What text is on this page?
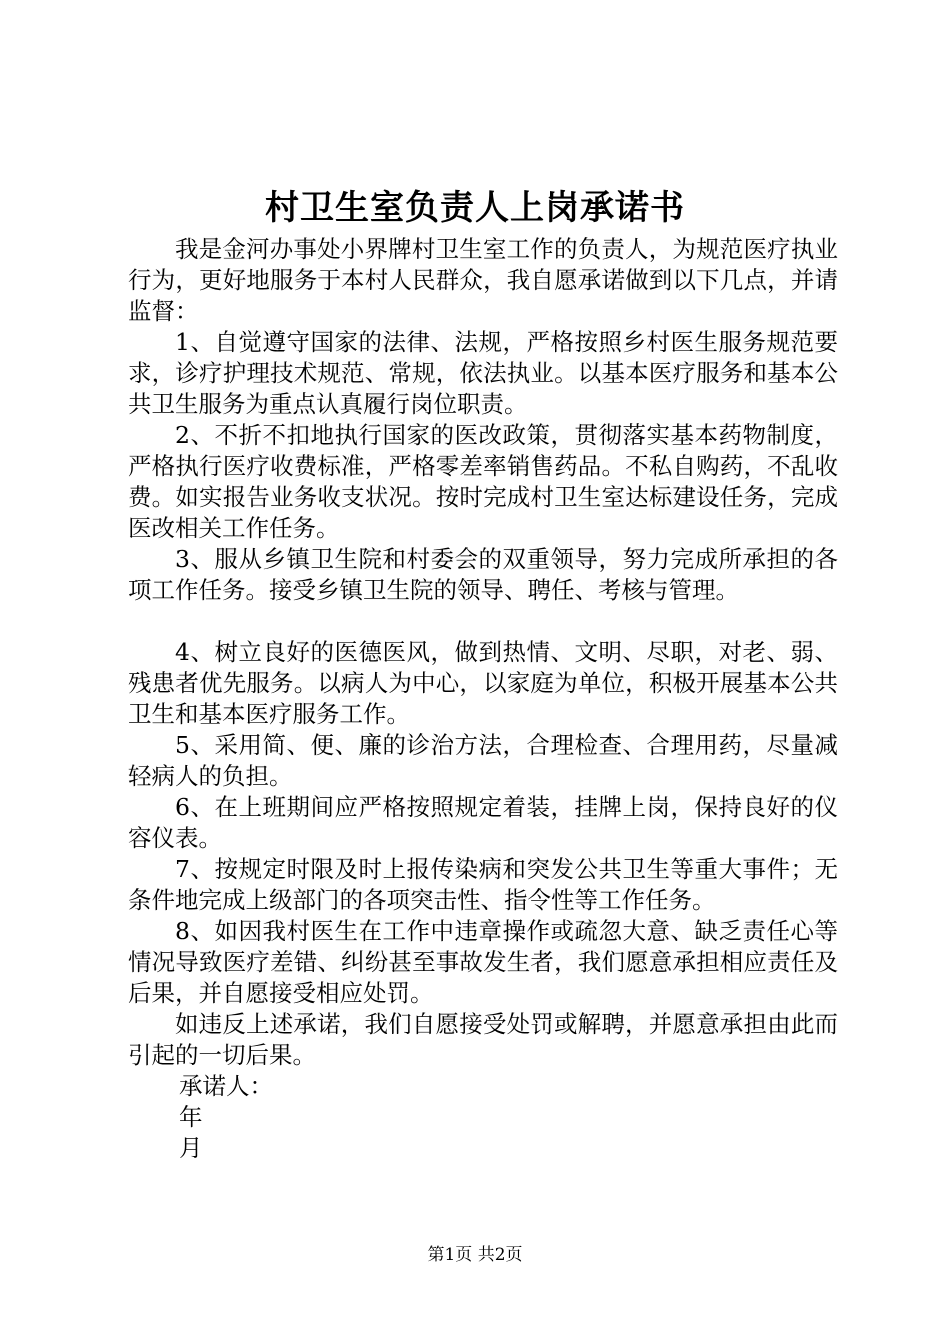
村卫生室负责人上岗承诺书

我是金河办事处小界牌村卫生室工作的负责人，为规范医疗执业行为，更好地服务于本村人民群众，我自愿承诺做到以下几点，并请监督：

1、自觉遵守国家的法律、法规，严格按照乡村医生服务规范要求，诊疗护理技术规范、常规，依法执业。以基本医疗服务和基本公共卫生服务为重点认真履行岗位职责。

2、不折不扣地执行国家的医改政策，贯彻落实基本药物制度，严格执行医疗收费标准，严格零差率销售药品。不私自购药，不乱收费。如实报告业务收支状况。按时完成村卫生室达标建设任务，完成医改相关工作任务。

3、服从乡镇卫生院和村委会的双重领导，努力完成所承担的各项工作任务。接受乡镇卫生院的领导、聘任、考核与管理。

4、树立良好的医德医风，做到热情、文明、尽职，对老、弱、残患者优先服务。以病人为中心，以家庭为单位，积极开展基本公共卫生和基本医疗服务工作。

5、采用简、便、廉的诊治方法，合理检查、合理用药，尽量减轻病人的负担。

6、在上班期间应严格按照规定着装，挂牌上岗，保持良好的仪容仪表。

7、按规定时限及时上报传染病和突发公共卫生等重大事件；无条件地完成上级部门的各项突击性、指令性等工作任务。

8、如因我村医生在工作中违章操作或疏忽大意、缺乏责任心等情况导致医疗差错、纠纷甚至事故发生者，我们愿意承担相应责任及后果，并自愿接受相应处罚。

如违反上述承诺，我们自愿接受处罚或解聘，并愿意承担由此而引起的一切后果。

承诺人：

年

月

第1页 共2页
